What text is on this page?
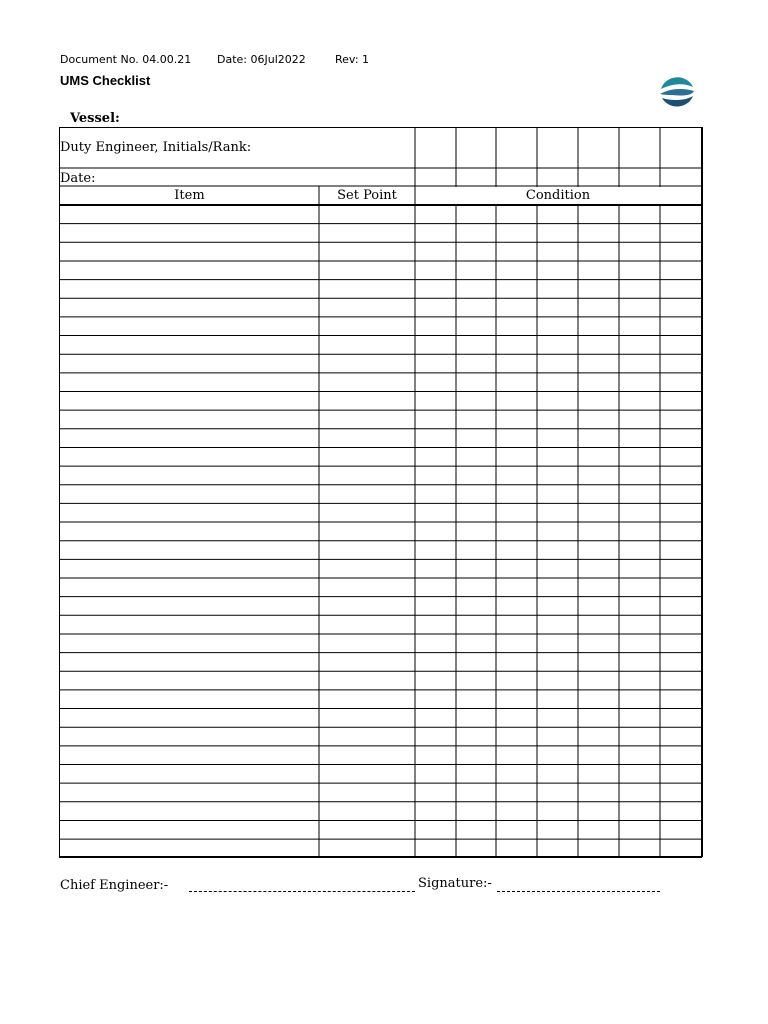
Document No. 04.00.21 Date: 06Jul2022	Rev: 1
UMS Checklist
Vessel:
Duty Engineer, Initials/Rank:
Date:
Item	Set Point	Condition
Chief Engineer:-	Signature:-
